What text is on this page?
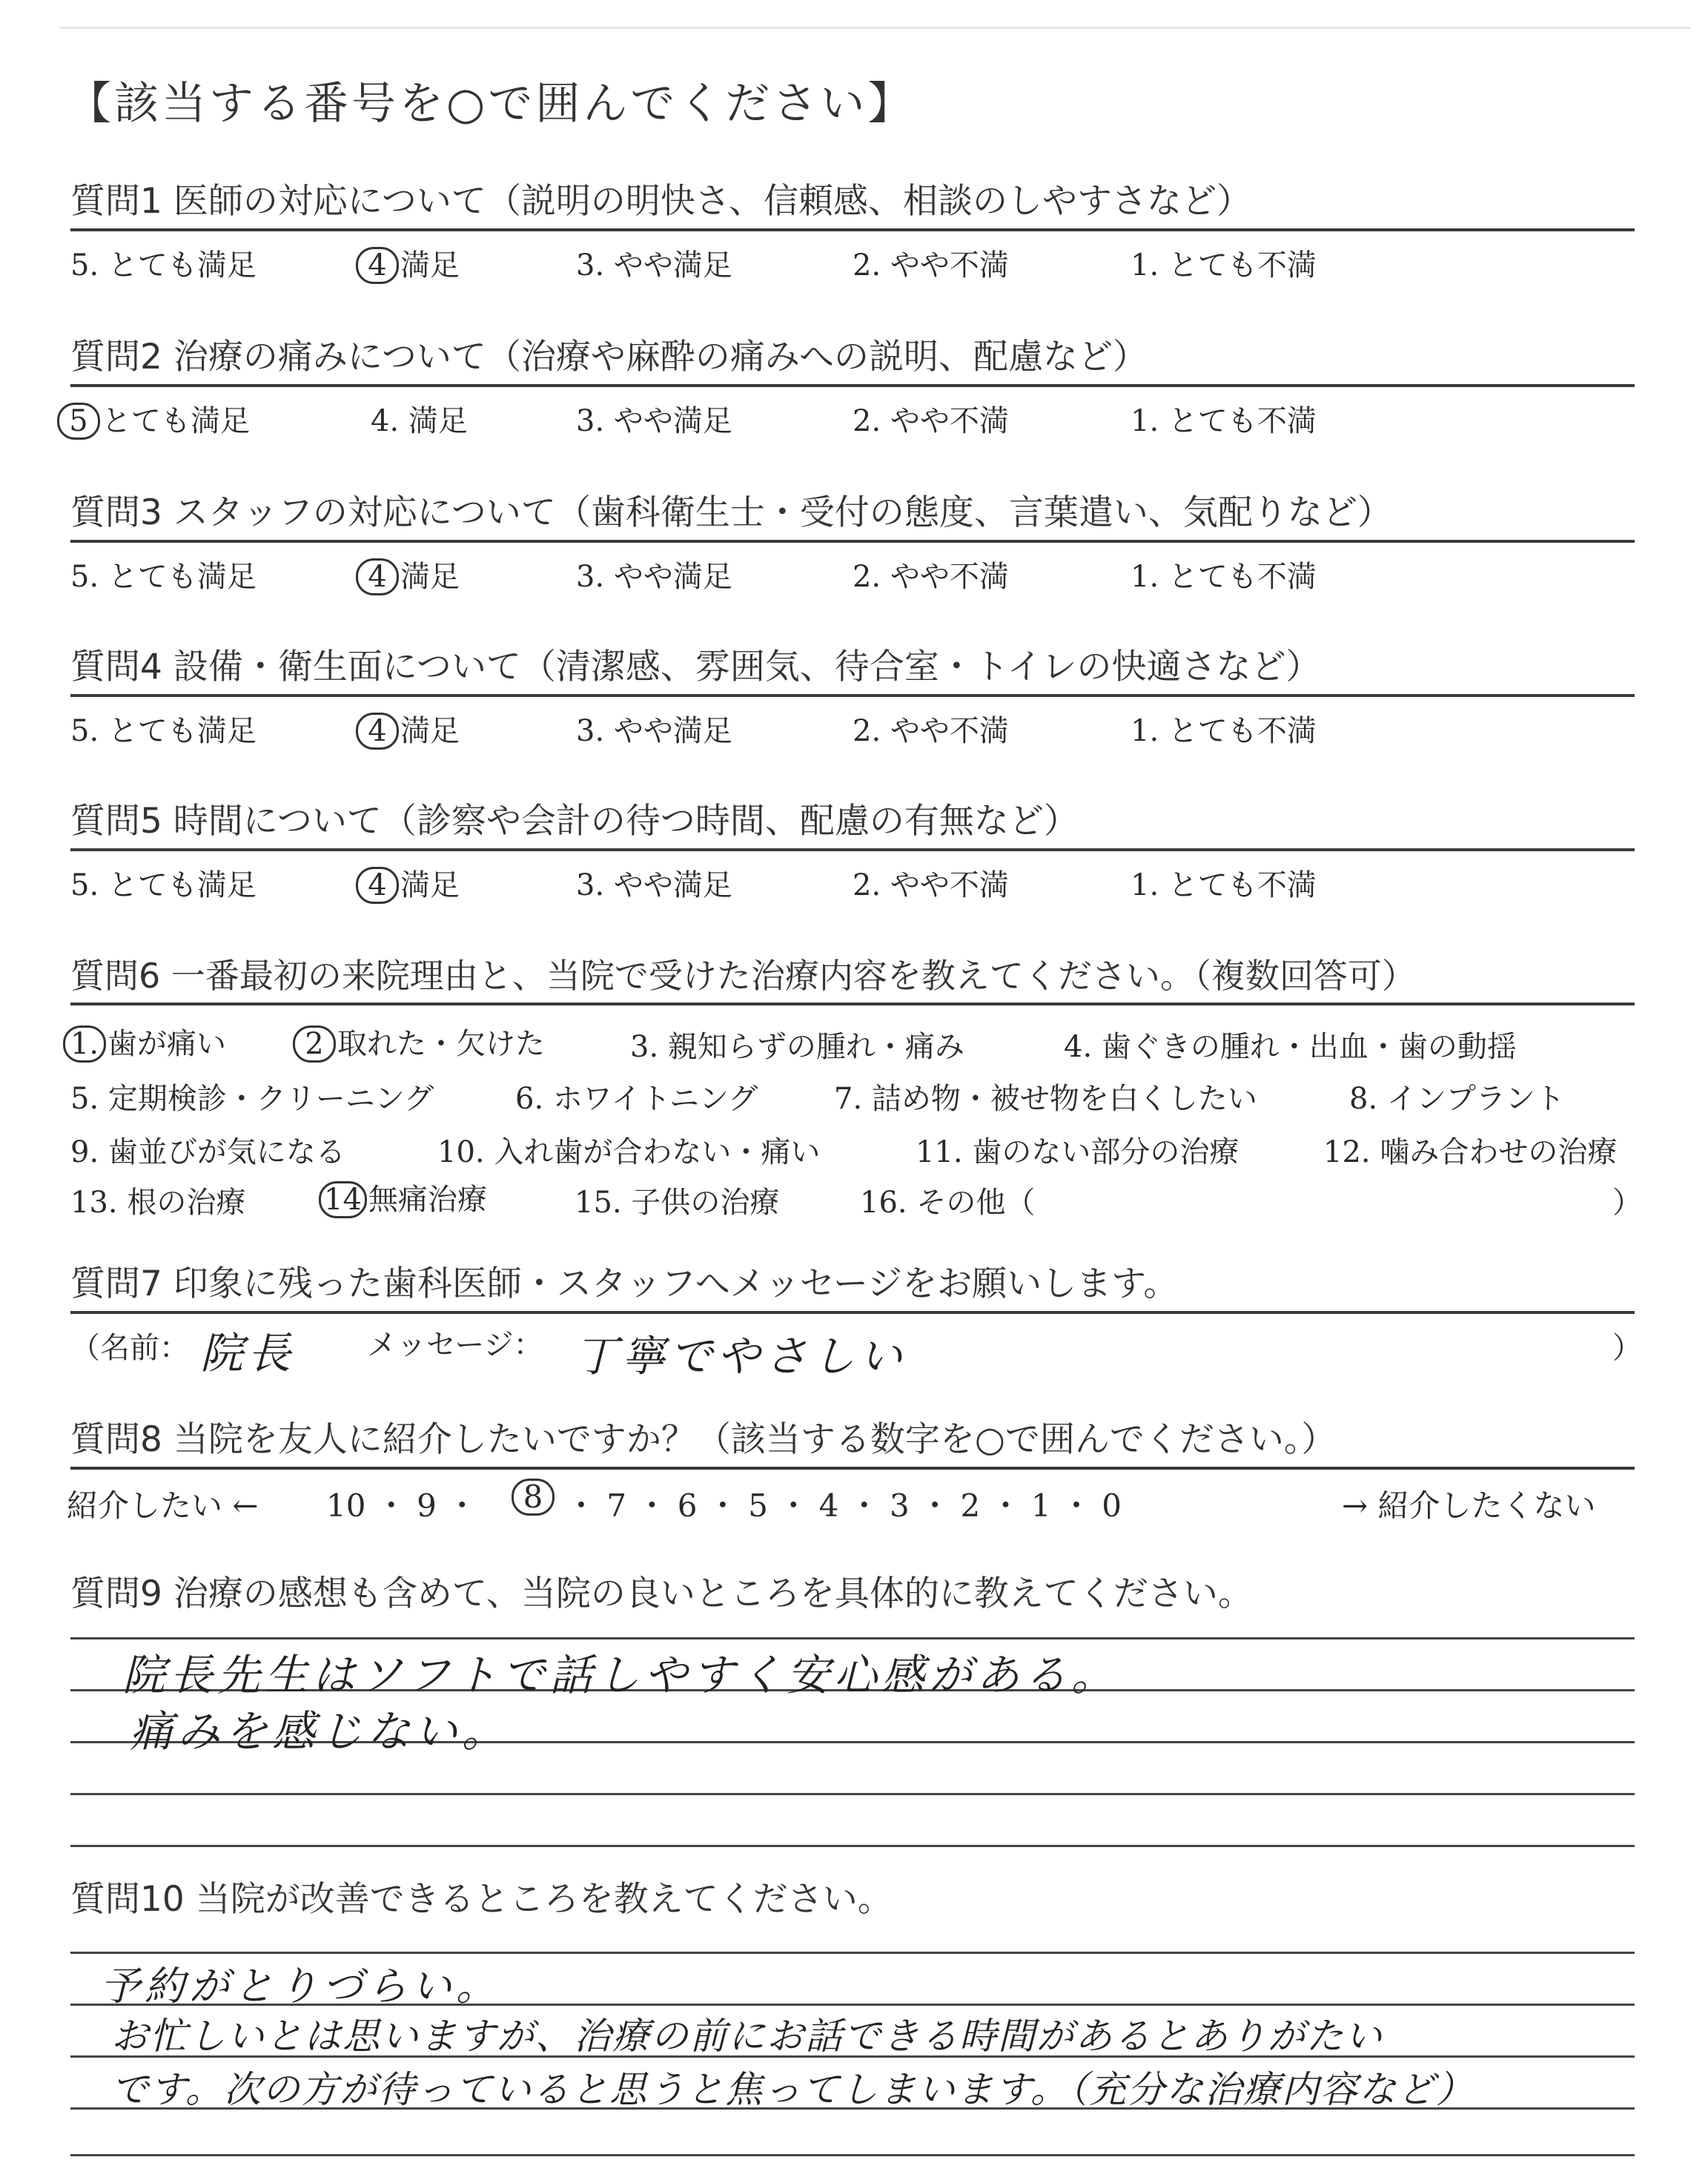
【該当する番号を○で囲んでください】
質問1 医師の対応について（説明の明快さ、信頼感、相談のしやすさなど）
5. とても満足	4 満足	3. やや満足	2. やや不満	1. とても不満
質問2 治療の痛みについて（治療や麻酔の痛みへの説明、配慮など）
5 とても満足	4. 満足	3. やや満足	2. やや不満	1. とても不満
質問3 スタッフの対応について（歯科衛生士・受付の態度、言葉遣い、気配りなど）
5. とても満足	4 満足	3. やや満足	2. やや不満	1. とても不満
質問4 設備・衛生面について（清潔感、雰囲気、待合室・トイレの快適さなど）
5. とても満足	4 満足	3. やや満足	2. やや不満	1. とても不満
質問5 時間について（診察や会計の待つ時間、配慮の有無など）
5. とても満足	4 満足	3. やや満足	2. やや不満	1. とても不満
質問6 一番最初の来院理由と、当院で受けた治療内容を教えてください。（複数回答可）
1. 歯が痛い	2 取れた・欠けた	3. 親知らずの腫れ・痛み	4. 歯ぐきの腫れ・出血・歯の動揺
5. 定期検診・クリーニング	6. ホワイトニング	7. 詰め物・被せ物を白くしたい	8. インプラント
9. 歯並びが気になる	10. 入れ歯が合わない・痛い	11. 歯のない部分の治療	12. 噛み合わせの治療
13. 根の治療	14 無痛治療	15. 子供の治療	16. その他（	）
質問7 印象に残った歯科医師・スタッフへメッセージをお願いします。
（名前： 院長 メッセージ： 丁寧でやさしい	）
質問8 当院を友人に紹介したいですか？（該当する数字を○で囲んでください。）
紹介したい ← 10 ・ 9 ・	8 ・ 7 ・ 6 ・ 5 ・ 4 ・ 3 ・ 2 ・ 1 ・ 0	→ 紹介したくない
質問9 治療の感想も含めて、当院の良いところを具体的に教えてください。
院長先生はソフトで話しやすく安心感がある。
痛みを感じない。
質問10 当院が改善できるところを教えてください。
予約がとりづらい。
お忙しいとは思いますが、治療の前にお話できる時間があるとありがたい
です。次の方が待っていると思うと焦ってしまいます。（充分な治療内容など）
